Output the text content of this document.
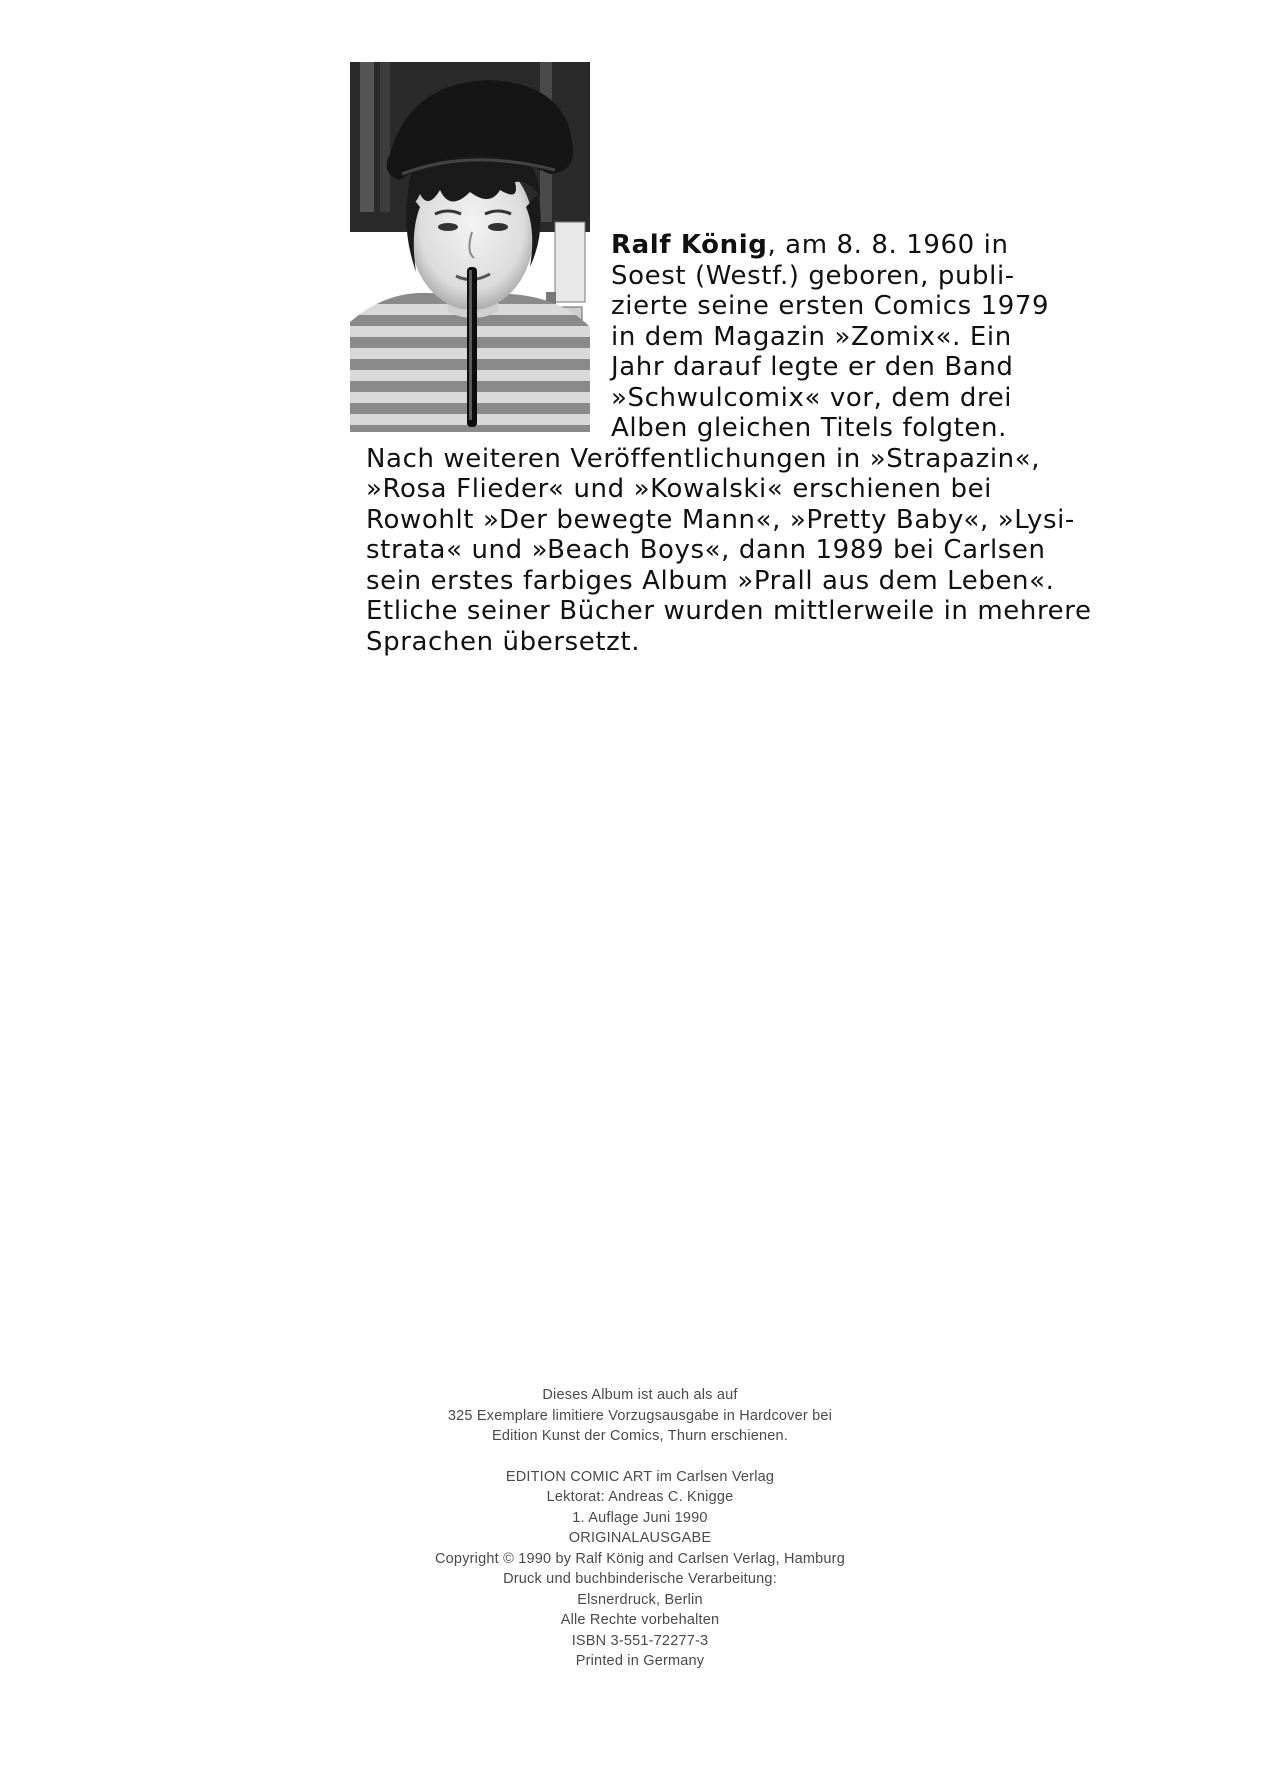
Ralf König, am 8. 8. 1960 in
Soest (Westf.) geboren, publi-
zierte seine ersten Comics 1979
in dem Magazin »Zomix«. Ein
Jahr darauf legte er den Band
»Schwulcomix« vor, dem drei
Alben gleichen Titels folgten.
Nach weiteren Veröffentlichungen in »Strapazin«,
»Rosa Flieder« und »Kowalski« erschienen bei
Rowohlt »Der bewegte Mann«, »Pretty Baby«, »Lysi-
strata« und »Beach Boys«, dann 1989 bei Carlsen
sein erstes farbiges Album »Prall aus dem Leben«.
Etliche seiner Bücher wurden mittlerweile in mehrere
Sprachen übersetzt.
Dieses Album ist auch als auf
325 Exemplare limitiere Vorzugsausgabe in Hardcover bei
Edition Kunst der Comics, Thurn erschienen.
EDITION COMIC ART im Carlsen Verlag
Lektorat: Andreas C. Knigge
1. Auflage Juni 1990
ORIGINALAUSGABE
Copyright © 1990 by Ralf König and Carlsen Verlag, Hamburg
Druck und buchbinderische Verarbeitung:
Elsnerdruck, Berlin
Alle Rechte vorbehalten
ISBN 3-551-72277-3
Printed in Germany
